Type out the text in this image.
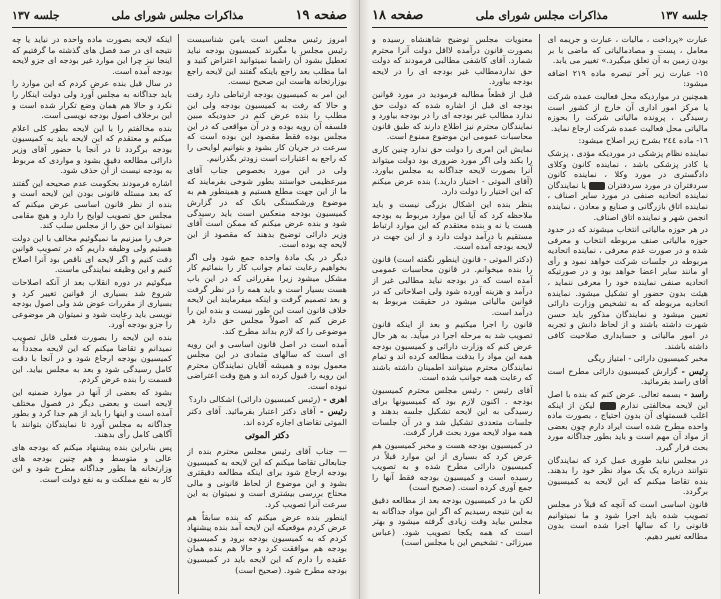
صفحه ١٩
مذاکرات مجلس شورای ملی
جلسه ١٣٧

امروز رئیس مجلس است یامن شناسیست رئیس مجلس یا مگیرند کمیسیون بودجه نباید تعطیل بشود آن راشما نمیتوانید اعتراض کنید و اما مطلب بعد راجع باینکه گفتند این لایحه راجع بوزارتخانه هاست این صحیح نیست.

این امر به کمیسیون بودجه ارتباطی دارد رفت و حالا که رفت به کمیسیون بودجه ولی این مطلب را بنده عرض کنم در حدودیکه مبین فلسفه آن رویه بوده و در آن مواقعی که در این مجلس بوده فقط مقصود این بوده است که سرعت در جریان کار بشود و بتوانیم لوایحی را که راجع به اعتبارات است زودتر بگذرانیم.

ولی در این مورد بخصوص جناب آقای میرعظیمی خواستند بطور شوخی بفرمایند که ما از این جهت مطلع هستیم و همینطور هم به موضوع ورشکستگی بانک که در گزارش کمیسیون بودجه منعکس است باید رسیدگی شود و بنده عرض میکنم که ممکن است آقای وزیر دارائی توضیح بدهند که مقصود از این لایحه چه بوده است.

دیگر در یک مادهٔ واحده جمع شود ولی اگر بخواهیم رعایت تمام جوانب کار را بنمائیم کار مشکل میشود زیرا مقرراتی که در این باب هست بسیار است و باید همه را در نظر گرفت و بعد تصمیم گرفت و اینکه میفرمایند این لایحه خلاف قانون است این طور نیست و بنده این را عرض کنم که اصولاً مجلس حق دارد هر موضوعی را که لازم بداند مطرح کند.

آمده است در اصل قانون اساسی و این رویه ای است که سالهای متمادی در این مجلس معمول بوده و همیشه آقایان نمایندگان محترم این رویه را قبول کرده اند و هیچ وقت اعتراضی نبوده است.

اهری - (رئیس کمیسیون دارائی) اشکالی دارد؟

رئیس - آقای دکتر اعتبار بفرمائید. آقای دکتر الموتی تقاضای اجازه کرده اند.

دکتر الموتی

— جناب آقای رئیس مجلس محترم بنده از جنابعالی تقاضا میکنم که این لایحه به کمیسیون بودجه ارجاع شود برای اینکه مطالعه دقیقتری بشود و این موضوع از لحاظ قانونی و مالی محتاج بررسی بیشتری است و نمیتوان به این سرعت آنرا تصویب کرد.

اینطور بنده عرض میکنم که بنده سابقاً هم عرض کردم موقعیکه این لایحه آمد بنده پیشنهاد کردم که به کمیسیون بودجه برود و کمیسیون بودجه هم موافقت کرد و حالا هم بنده همان عقیده را دارم که این لایحه باید در کمیسیون بودجه مطرح شود. (صحیح است)

اینکه لایحه بصورت ماده واحده در نیاید یا چه نتیجه ای در صد فصل های گذشته ما گرفتیم که اینجا نیز چرا این موارد غیر بودجه ای جزو لایحه بودجه آمده است.

در سال قبل بنده عرض کردم که این موارد را باید جداگانه به مجلس آورد ولی دولت اینکار را نکرد و حالا هم همان وضع تکرار شده است و این برخلاف اصول بودجه نویسی است.

بنده مخالفتم را با این لایحه بطور کلی اعلام میکنم و معتقدم که این لایحه باید به کمیسیون بودجه برگردد تا در آنجا با حضور آقای وزیر دارائی مطالعه دقیق بشود و مواردی که مربوط به بودجه نیست از آن حذف شود.

اشاره فرمودند بحکومت عدم صحیحه این گفتند که بعد مسئله قانونی بودن این لایحه است و بنده از نظر قانون اساسی عرض میکنم که مجلس حق تصویب لوایح را دارد و هیچ مقامی نمیتواند این حق را از مجلس سلب کند.

حرف را میزنیم ما نمیگوئیم مخالف با این دولت هستیم ولی وظیفه داریم که در تصویب قوانین دقت کنیم و اگر لایحه ای ناقص بود آنرا اصلاح کنیم و این وظیفه نمایندگی ماست.

میگوئیم در دوره انقلاب بعد از آنکه اصلاحات شروع شد بسیاری از قوانین تغییر کرد و بسیاری از مقررات عوض شد ولی اصول بودجه نویسی باید رعایت شود و نمیتوان هر موضوعی را جزو بودجه آورد.

بنده این لایحه را بصورت فعلی قابل تصویب نمیدانم و تقاضا میکنم که این لایحه مجدداً به کمیسیون بودجه ارجاع شود و در آنجا با دقت کامل رسیدگی شود و بعد به مجلس بیاید. این قسمت را بنده عرض کردم.

بشود که بعضی از آنها در موارد ضمنیه این لایحه است و بعضی دیگر در فصول مختلف آمده است و اینها را باید از هم جدا کرد و بطور جداگانه به مجلس آورد تا نمایندگان بتوانند با آگاهی کامل رأی بدهند.

پس بنابراین بنده پیشنهاد میکنم که بودجه های عالی و متوسط و هم چنین بودجه های وزارتخانه ها بطور جداگانه مطرح شود و این کار به نفع مملکت و به نفع دولت است.

جلسه ١٣٧
مذاکرات مجلس شورای ملی
صفحه ١٨

عبارت «پرداخت ، مالیات ، عبارت و جریمه ای معامل ، پست و مصادمالیاتی که ماضی با بر بودن زمین به آن تعلق میگیرد.» تغییر می یابد.

١٥- عبارت زیر آخر تبصره ماده ٢١٩ اضافه میشود:

همچنین در مواردیکه محل فعالیت عمده شرکت یا مرکز امور اداری آن خارج از کشور است رسیدگی ، پرونده مالیاتی شرکت را بحوزه مالیاتی محل فعالیت عمده شرکت ارجاع نماید.

١٦- ماده ٢٤٤ بشرح زیر اصلاح میشود:

نماینده نظام پزشکی در موردیکه مؤدی ، پزشک یا کادر پزشکی باشد ، نماینده کانون وکلای دادگستری در مورد وکلا ، نماینده کانون سردفتران در مورد سردفتران  یا نمایندگان نماینده اتحادیه صنفی در مورد سایر اصناف ، نماینده اتاق بازرگانی و صنایع و معادن ، نماینده انجمن شهر و نماینده اتاق اصناف.

در هر حوزه مالیاتی انتخاب میشوند که در حدود حوزه مالیاتی صنف مربوطه انتخاب و معرفی شده و در صورت عدم معرفی ، نماینده اتحادیه مربوطه در جلسات شرکت خواهد نمود و رأی او مانند سایر اعضا خواهد بود و در صورتیکه اتحادیه صنفی نماینده خود را معرفی ننماید ، هیئت بدون حضور او تشکیل میشود. نماینده اتحادیه مربوطه که به تشخیص وزارت دارائی تعیین میشود و نمایندگان مذکور باید حسن شهرت داشته باشند و از لحاظ دانش و تجربه در امور مالیاتی و حسابداری صلاحیت کافی داشته باشند.

مخبر کمیسیون دارائی - امتیاز ریگی

رئیس - گزارش کمیسیون دارائی مطرح است آقای راسد بفرمائید.

راسد - بسمه تعالی. عرض کنم که بنده با اصل این لایحه مخالفتی ندارم  لیکن از اینکه اغلب قسمتهای آن بدون احتیاج ، بصورت ماده واحده مطرح شده است ایراد دارم چون بعضی از مواد آن مهم است و باید بطور جداگانه مورد بحث قرار گیرد.

در مجلس نباید طوری عمل کرد که نمایندگان نتوانند درباره یک یک مواد نظر خود را بدهند. بنده تقاضا میکنم که این لایحه به کمیسیون برگردد.

قانون اساسی است که آنچه که قبلاً در مجلس تصویب شده باید اجرا شود و ما نمیتوانیم قانونی را که سالها اجرا شده است بدون مطالعه تغییر دهیم.

معنویات مجلس توضیح شاهنشاه رسیده و بصورت قانون درآمده لااقل دولت آنرا محترم شمارد. آقای کاشفی مطالبی فرمودند که دولت حق نداردمطالب غیر بودجه ای را در لایحه بودجه بیاورد.

قبل از قطعاً مطالبه فرمودید در مورد قوانین بودجه ای قبل از اشاره شده که دولت حق ندارد مطالب غیر بودجه ای را در بودجه بیاورد و نمایندگان محترم نیز اطلاع دارند که طبق قانون محاسبات عمومی این موضوع ممنوع است.

نمایش این امری را دولت حق ندارد چنین کاری را بکند ولی اگر مورد ضروری بود دولت میتواند آنرا بصورت لایحه جداگانه به مجلس بیاورد. (آقای الموتی - اختیار دارید.) بنده عرض میکنم که این اختیار را دولت دارد.

بنظر بنده این اشکال بزرگی نیست و باید ملاحظه کرد که آیا این موارد مربوط به بودجه هست یا نه و بنده معتقدم که این موارد ارتباط مستقیم با درآمد دولت دارد و از این جهت در لایحه بودجه آمده است.

(دکتر الموتی - قانون اینطور نگفته است) قانون را بنده میخوانم. در قانون محاسبات عمومی آمده است که در بودجه نباید مطالبی غیر از درآمد و هزینه آورده شود ولی اصلاحاتی که در قوانین مالیاتی میشود در حقیقت مربوط به درآمد است.

قانون را اجرا میکنیم و بعد از اینکه قانون تصویب شد به مرحله اجرا در میآید. به هر حال عرض کنم که وزارت دارائی و کمیسیون بودجه همه این مواد را بدقت مطالعه کرده اند و تمام نمایندگان محترم میتوانند اطمینان داشته باشند که رعایت همه جوانب شده است.

آقای رئیس - رئیس مجلس محترم کمیسیون بودجه . اکنون لازم بود که کمیسیونها برای رسیدگی به این لایحه تشکیل جلسه بدهند و جلسات متعددی تشکیل شد و در آن جلسات همه مواد لایحه مورد بحث قرار گرفت.

در کمیسیون بودجه هست و مخبر کمیسیون هم عرض کرد که بسیاری از این موارد قبلاً در کمیسیون دارائی مطرح شده و به تصویب رسیده است و کمیسیون بودجه فقط آنها را جمع آوری کرده است. (صحیح است)

لکن ما در کمیسیون بودجه بعد از مطالعه دقیق به این نتیجه رسیدیم که اگر این مواد جداگانه به مجلس بیاید وقت زیادی گرفته میشود و بهتر است که همه یکجا تصویب شود. (عباس میرزائی - تشخیص این با مجلس است)
